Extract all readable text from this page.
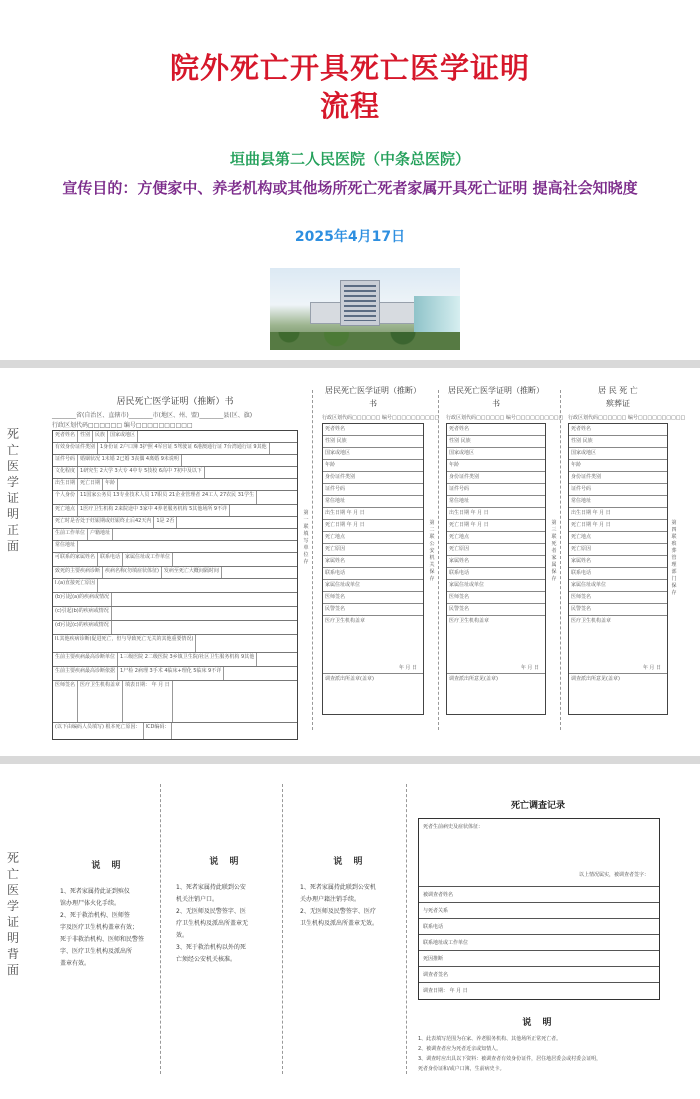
院外死亡开具死亡医学证明
流程
垣曲县第二人民医院（中条总医院）
宣传目的：方便家中、养老机构或其他场所死亡死者家属开具死亡证明 提高社会知晓度
2025年4月17日
死亡医学证明 正面
居民死亡医学证明（推断）书
________省(自治区、直辖市)________市(地区、州、盟)________县(区、旗)
行政区划代码□□□□□□ 编号□□□□□□□□□□
死者姓名	性别	民族	国家或地区
有效身份证件类别	1身份证 2户口簿 3护照 4军官证 5驾驶证 6港澳通行证 7台湾通行证 9其他
证件号码	婚姻状况 1未婚 2已婚 3丧偶 4离婚 9未说明
文化程度	1研究生 2大学 3大专 4中专 5技校 6高中 7初中及以下
出生日期	死亡日期	年龄
个人身份	11国家公务员 13专业技术人员 17职员 21企业管理者 24工人 27农民 31学生
死亡地点	1医疗卫生机构 2来院途中 3家中 4养老服务机构 5其他场所 9不详
死亡时是否处于妊娠期或妊娠终止后42天内	1是 2否
生前工作单位	户籍地址
常住地址
可联系的家属姓名	联系电话	家属住址或工作单位
致死的主要疾病诊断	疾病名称(勿填症状体征)	发病至死亡大概间隔时间
I.(a)直接死亡原因
(b)引起(a)的疾病或情况
(c)引起(b)的疾病或情况
(d)引起(c)的疾病或情况
II.其他疾病诊断(促进死亡，但与导致死亡无关的其他重要情况)
生前主要疾病最高诊断单位	1三级医院 2二级医院 3乡镇卫生院/社区卫生服务机构 9其他
生前主要疾病最高诊断依据	1尸检 2病理 3手术 4临床+理化 5临床 9不详
医师签名	医疗卫生机构盖章	填表日期： 年 月 日
(以下由编码人员填写) 根本死亡原因：	ICD编码：
第一联 填写单位存
居民死亡医学证明（推断）书
行政区划代码□□□□□□ 编号□□□□□□□□□□
死者姓名
性别 民族
国家或地区
年龄
身份证件类别
证件号码
常住地址
出生日期 年 月 日
死亡日期 年 月 日
死亡地点
死亡原因
家属姓名
联系电话
家属住址或单位
医师签名
民警签名
医疗卫生机构盖章
年 月 日
调查派出所盖章(盖章)
第二联 公安机关保存
居民死亡医学证明（推断）书
行政区划代码□□□□□□ 编号□□□□□□□□□□
死者姓名
性别 民族
国家或地区
年龄
身份证件类别
证件号码
常住地址
出生日期 年 月 日
死亡日期 年 月 日
死亡地点
死亡原因
家属姓名
联系电话
家属住址或单位
医师签名
民警签名
医疗卫生机构盖章
年 月 日
调查派出所意见(盖章)
第三联 死者家属保存
居 民 死 亡
殡葬证
行政区划代码□□□□□□ 编号□□□□□□□□□□
死者姓名
性别 民族
国家或地区
年龄
身份证件类别
证件号码
常住地址
出生日期 年 月 日
死亡日期 年 月 日
死亡地点
死亡原因
家属姓名
联系电话
家属住址或单位
医师签名
民警签名
医疗卫生机构盖章
年 月 日
调查派出所意见(盖章)
第四联 殡葬管理部门保存
死亡医学证明 背面
说 明
1、死者家属持此证到殡仪
馆办理尸体火化手续。
2、死于救治机构、医师签
字及医疗卫生机构盖章有效；
死于非救治机构、医师和民警签
字、医疗卫生机构及派出所
盖章有效。
说 明
1、死者家属持此联到公安
机关注销户口。
2、无医师及民警签字、医
疗卫生机构及派出所盖章无
效。
3、死于救治机构以外的死
亡须经公安机关核准。
说 明
1、死者家属持此联到公安机
关办理户籍注销手续。
2、无医师及民警签字、医疗
卫生机构及派出所盖章无效。
死亡调查记录
死者生前病史及症状体征：
以上情况属实，被调查者签字：
被调查者姓名
与死者关系
联系电话
联系地址或工作单位
死因推断
调查者签名
调查日期： 年 月 日
说 明
1、此表填写范围为在家、养老服务机构、其他场所正常死亡者。
2、被调查者应为死者近亲或知情人。
3、调查时应出具以下资料：被调查者有效身份证件，居住地居委会或村委会证明，
死者身份证和/或户口簿，生前病史卡。
